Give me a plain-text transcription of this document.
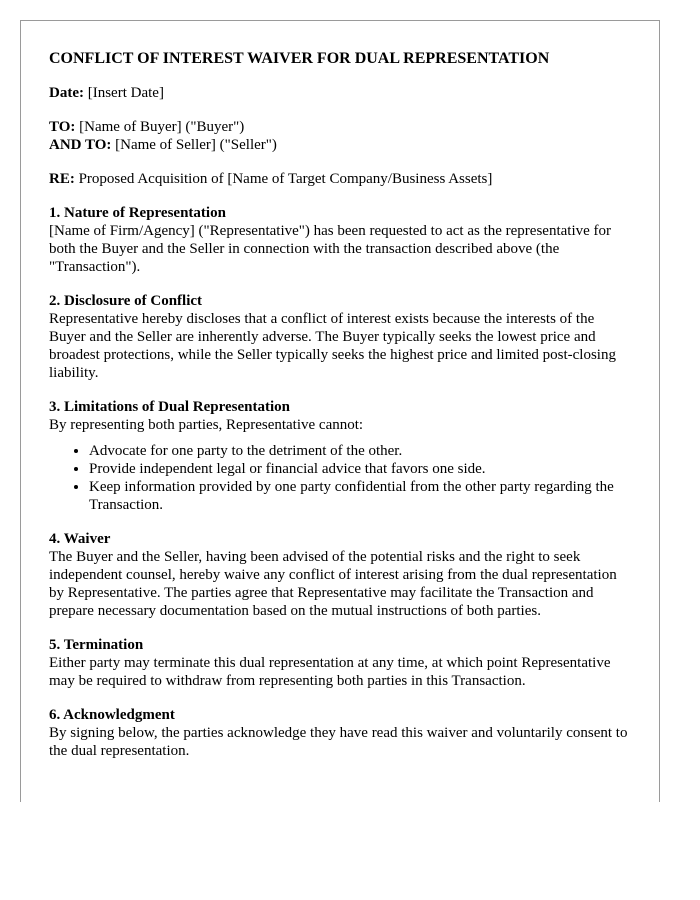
CONFLICT OF INTEREST WAIVER FOR DUAL REPRESENTATION

Date: [Insert Date]

TO: [Name of Buyer] ("Buyer")
AND TO: [Name of Seller] ("Seller")

RE: Proposed Acquisition of [Name of Target Company/Business Assets]

1. Nature of Representation
[Name of Firm/Agency] ("Representative") has been requested to act as the representative for both the Buyer and the Seller in connection with the transaction described above (the "Transaction").
2. Disclosure of Conflict
Representative hereby discloses that a conflict of interest exists because the interests of the Buyer and the Seller are inherently adverse. The Buyer typically seeks the lowest price and broadest protections, while the Seller typically seeks the highest price and limited post-closing liability.
3. Limitations of Dual Representation
By representing both parties, Representative cannot:
• Advocate for one party to the detriment of the other.
• Provide independent legal or financial advice that favors one side.
• Keep information provided by one party confidential from the other party regarding the Transaction.
4. Waiver
The Buyer and the Seller, having been advised of the potential risks and the right to seek independent counsel, hereby waive any conflict of interest arising from the dual representation by Representative. The parties agree that Representative may facilitate the Transaction and prepare necessary documentation based on the mutual instructions of both parties.
5. Termination
Either party may terminate this dual representation at any time, at which point Representative may be required to withdraw from representing both parties in this Transaction.
6. Acknowledgment
By signing below, the parties acknowledge they have read this waiver and voluntarily consent to the dual representation.
